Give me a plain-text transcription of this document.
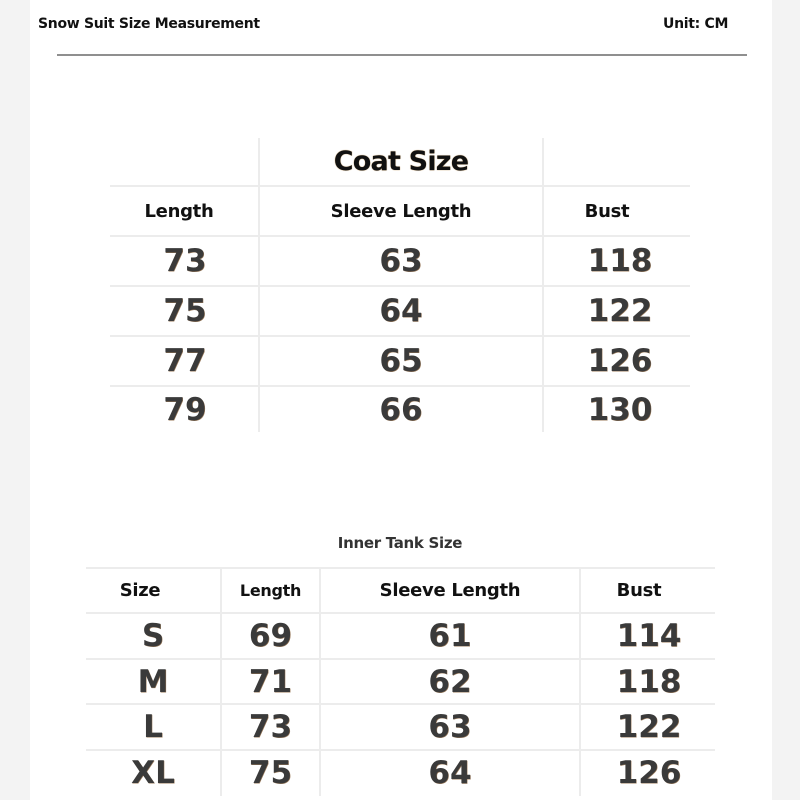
Snow Suit Size Measurement	Unit: CM
Coat Size
Length	Sleeve Length	Bust
73	63	118
75	64	122
77	65	126
79	66	130
Inner Tank Size
Size	Length	Sleeve Length	Bust
S	69	61	114
M	71	62	118
L	73	63	122
XL	75	64	126
